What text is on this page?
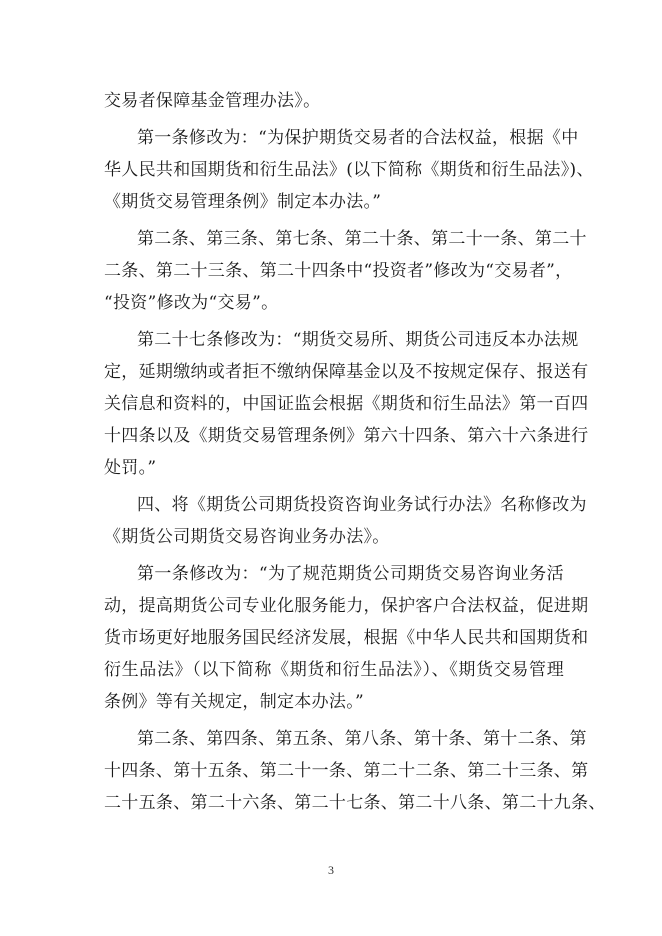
交易者保障基金管理办法》。
第一条修改为：“为保护期货交易者的合法权益，根据《中
华人民共和国期货和衍生品法》(以下简称《期货和衍生品法》)、
《期货交易管理条例》制定本办法。”
第二条、第三条、第七条、第二十条、第二十一条、第二十
二条、第二十三条、第二十四条中“投资者”修改为“交易者”，
“投资”修改为“交易”。
第二十七条修改为：“期货交易所、期货公司违反本办法规
定，延期缴纳或者拒不缴纳保障基金以及不按规定保存、报送有
关信息和资料的，中国证监会根据《期货和衍生品法》第一百四
十四条以及《期货交易管理条例》第六十四条、第六十六条进行
处罚。”
四、将《期货公司期货投资咨询业务试行办法》名称修改为
《期货公司期货交易咨询业务办法》。
第一条修改为：“为了规范期货公司期货交易咨询业务活
动，提高期货公司专业化服务能力，保护客户合法权益，促进期
货市场更好地服务国民经济发展，根据《中华人民共和国期货和
衍生品法》（以下简称《期货和衍生品法》）、《期货交易管理
条例》等有关规定，制定本办法。”
第二条、第四条、第五条、第八条、第十条、第十二条、第
十四条、第十五条、第二十一条、第二十二条、第二十三条、第
二十五条、第二十六条、第二十七条、第二十八条、第二十九条、
3
